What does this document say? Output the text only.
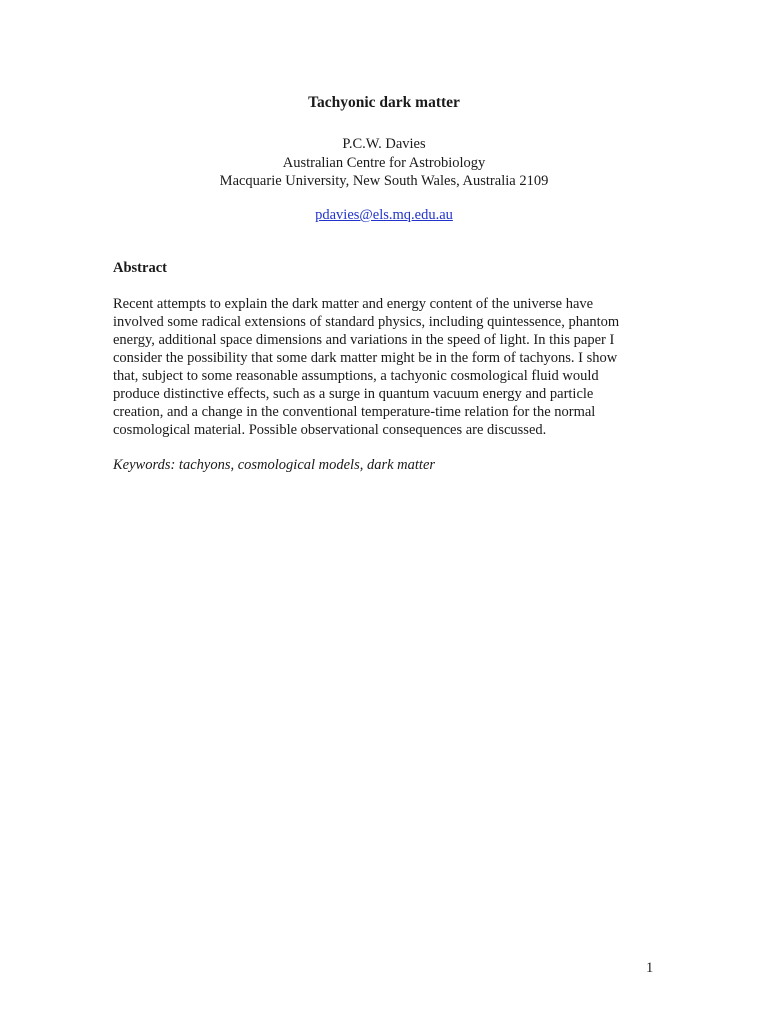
Tachyonic dark matter
P.C.W. Davies
Australian Centre for Astrobiology
Macquarie University, New South Wales, Australia 2109
pdavies@els.mq.edu.au
Abstract
Recent attempts to explain the dark matter and energy content of the universe have
involved some radical extensions of standard physics, including quintessence, phantom
energy, additional space dimensions and variations in the speed of light. In this paper I
consider the possibility that some dark matter might be in the form of tachyons. I show
that, subject to some reasonable assumptions, a tachyonic cosmological fluid would
produce distinctive effects, such as a surge in quantum vacuum energy and particle
creation, and a change in the conventional temperature-time relation for the normal
cosmological material. Possible observational consequences are discussed.
Keywords: tachyons, cosmological models, dark matter
1
